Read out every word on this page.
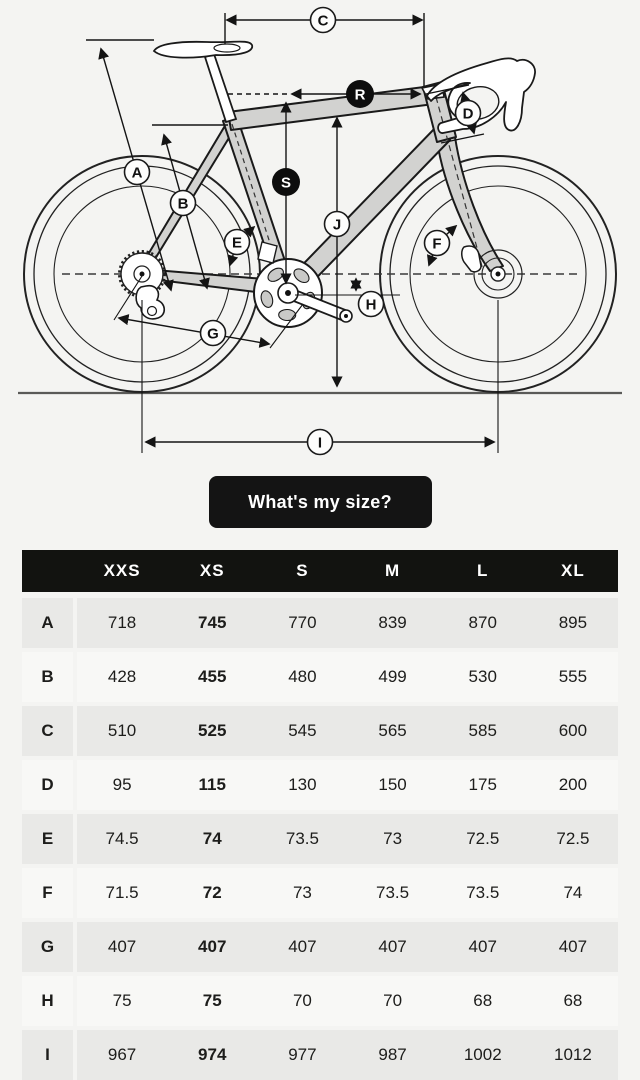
A
B
C
D
E	F
G
H
I
J
R
S
What's my size?
XXS	XS	S	M	L	XL
A	718	745	770	839	870	895
B	428	455	480	499	530	555
C	510	525	545	565	585	600
D	95	115	130	150	175	200
E	74.5	74	73.5	73	72.5	72.5
F	71.5	72	73	73.5	73.5	74
G	407	407	407	407	407	407
H	75	75	70	70	68	68
I	967	974	977	987	1002	1012
